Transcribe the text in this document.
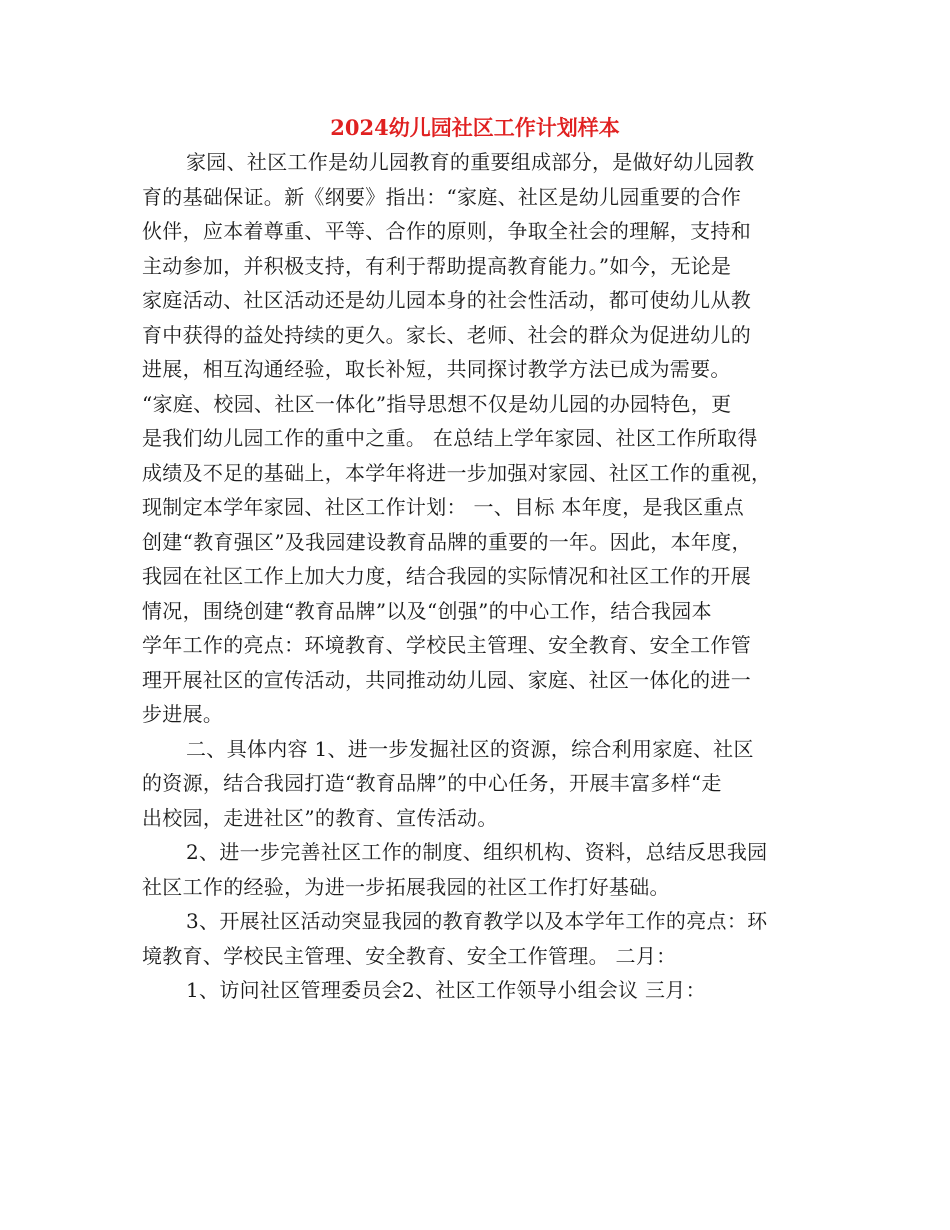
2024幼儿园社区工作计划样本
家园、社区工作是幼儿园教育的重要组成部分，是做好幼儿园教
育的基础保证。新《纲要》指出：“家庭、社区是幼儿园重要的合作
伙伴，应本着尊重、平等、合作的原则，争取全社会的理解，支持和
主动参加，并积极支持，有利于帮助提高教育能力。”如今，无论是
家庭活动、社区活动还是幼儿园本身的社会性活动，都可使幼儿从教
育中获得的益处持续的更久。家长、老师、社会的群众为促进幼儿的
进展，相互沟通经验，取长补短，共同探讨教学方法已成为需要。
“家庭、校园、社区一体化”指导思想不仅是幼儿园的办园特色，更
是我们幼儿园工作的重中之重。 在总结上学年家园、社区工作所取得
成绩及不足的基础上，本学年将进一步加强对家园、社区工作的重视，
现制定本学年家园、社区工作计划： 一、目标 本年度，是我区重点
创建“教育强区”及我园建设教育品牌的重要的一年。因此，本年度，
我园在社区工作上加大力度，结合我园的实际情况和社区工作的开展
情况，围绕创建“教育品牌”以及“创强”的中心工作，结合我园本
学年工作的亮点：环境教育、学校民主管理、安全教育、安全工作管
理开展社区的宣传活动，共同推动幼儿园、家庭、社区一体化的进一
步进展。
二、具体内容 1、进一步发掘社区的资源，综合利用家庭、社区
的资源，结合我园打造“教育品牌”的中心任务，开展丰富多样“走
出校园，走进社区”的教育、宣传活动。
2、进一步完善社区工作的制度、组织机构、资料，总结反思我园
社区工作的经验，为进一步拓展我园的社区工作打好基础。
3、开展社区活动突显我园的教育教学以及本学年工作的亮点：环
境教育、学校民主管理、安全教育、安全工作管理。 二月：
1、访问社区管理委员会2、社区工作领导小组会议 三月：
